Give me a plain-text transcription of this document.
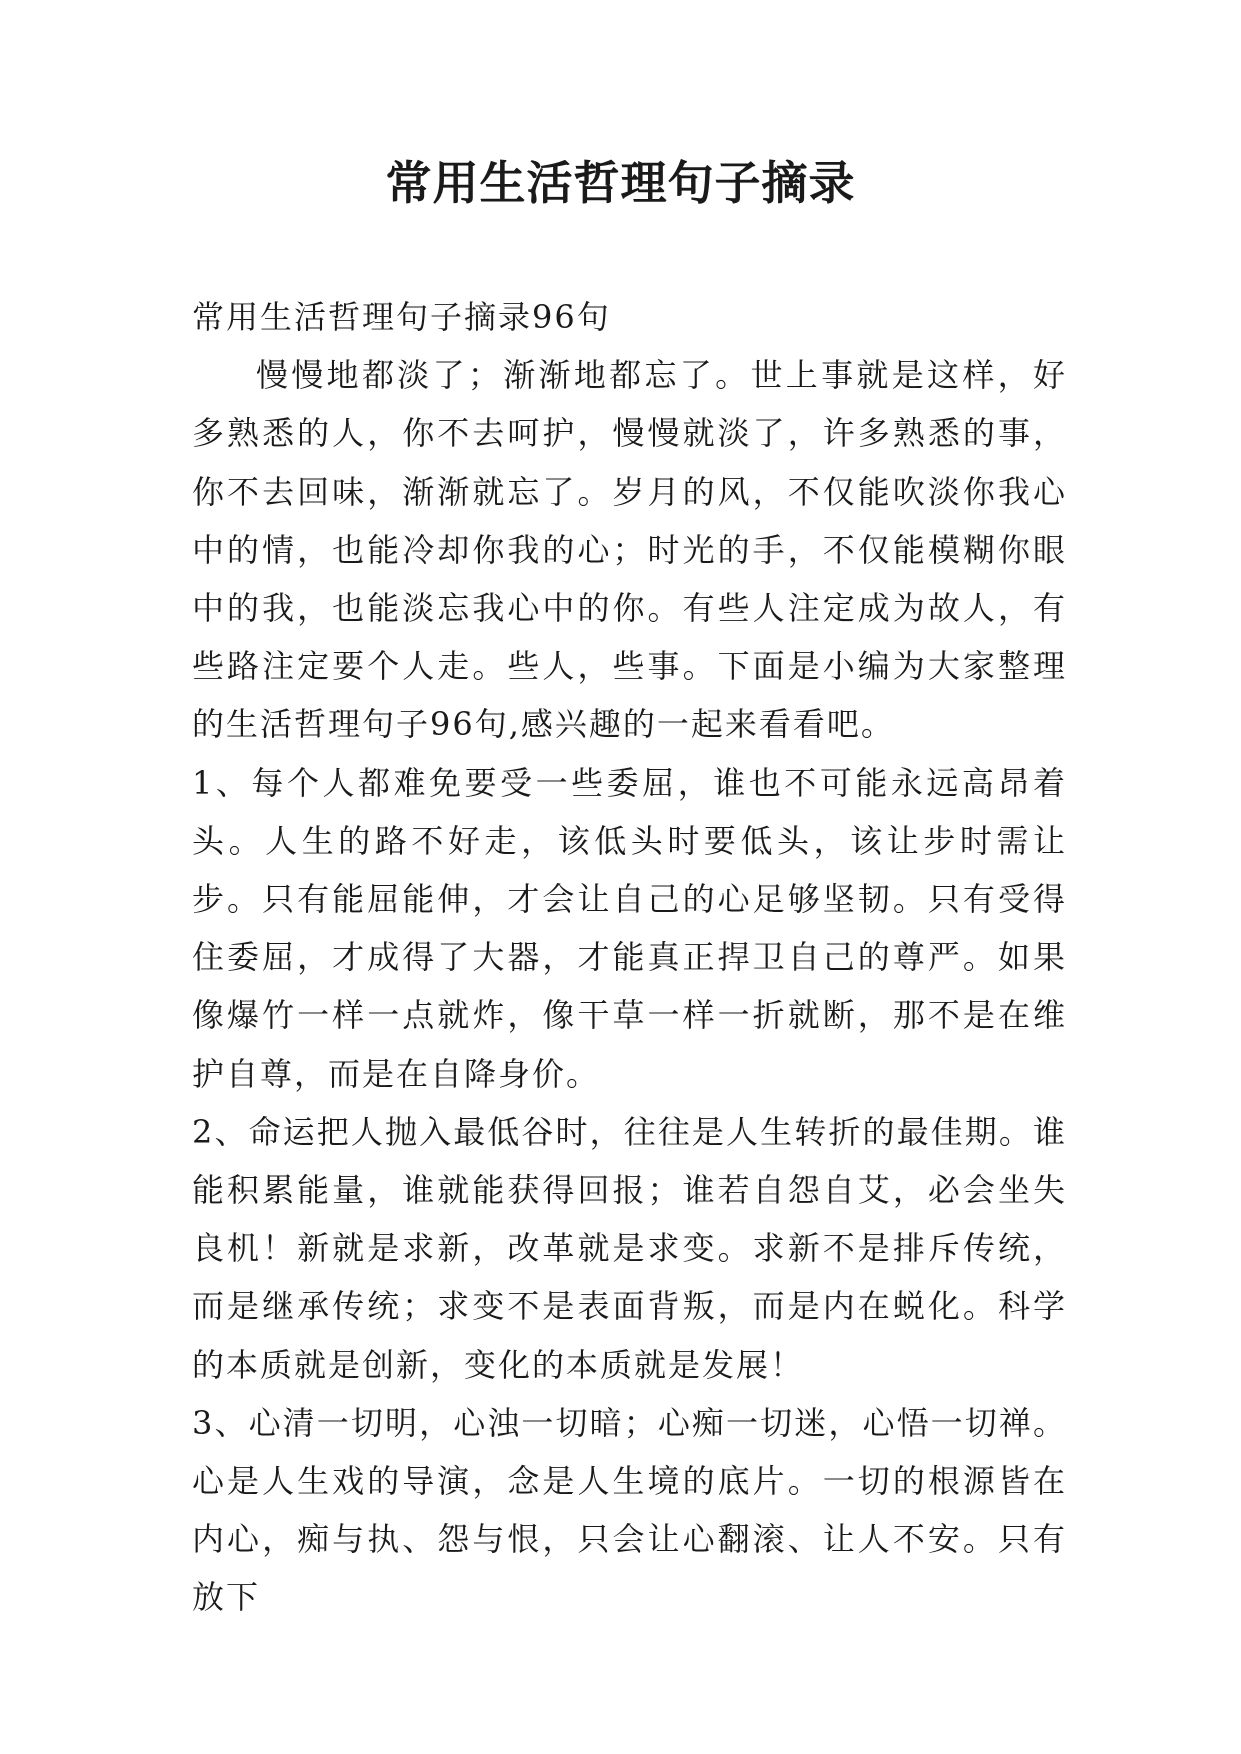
常用生活哲理句子摘录

常用生活哲理句子摘录96句

慢慢地都淡了；渐渐地都忘了。世上事就是这样，好多熟悉的人，你不去呵护，慢慢就淡了，许多熟悉的事，你不去回味，渐渐就忘了。岁月的风，不仅能吹淡你我心中的情，也能冷却你我的心；时光的手，不仅能模糊你眼中的我，也能淡忘我心中的你。有些人注定成为故人，有些路注定要个人走。些人，些事。下面是小编为大家整理的生活哲理句子96句,感兴趣的一起来看看吧。

1、每个人都难免要受一些委屈，谁也不可能永远高昂着头。人生的路不好走，该低头时要低头，该让步时需让步。只有能屈能伸，才会让自己的心足够坚韧。只有受得住委屈，才成得了大器，才能真正捍卫自己的尊严。如果像爆竹一样一点就炸，像干草一样一折就断，那不是在维护自尊，而是在自降身价。

2、命运把人抛入最低谷时，往往是人生转折的最佳期。谁能积累能量，谁就能获得回报；谁若自怨自艾，必会坐失良机！新就是求新，改革就是求变。求新不是排斥传统，而是继承传统；求变不是表面背叛，而是内在蜕化。科学的本质就是创新，变化的本质就是发展！

3、心清一切明，心浊一切暗；心痴一切迷，心悟一切禅。心是人生戏的导演，念是人生境的底片。一切的根源皆在内心，痴与执、怨与恨，只会让心翻滚、让人不安。只有放下
